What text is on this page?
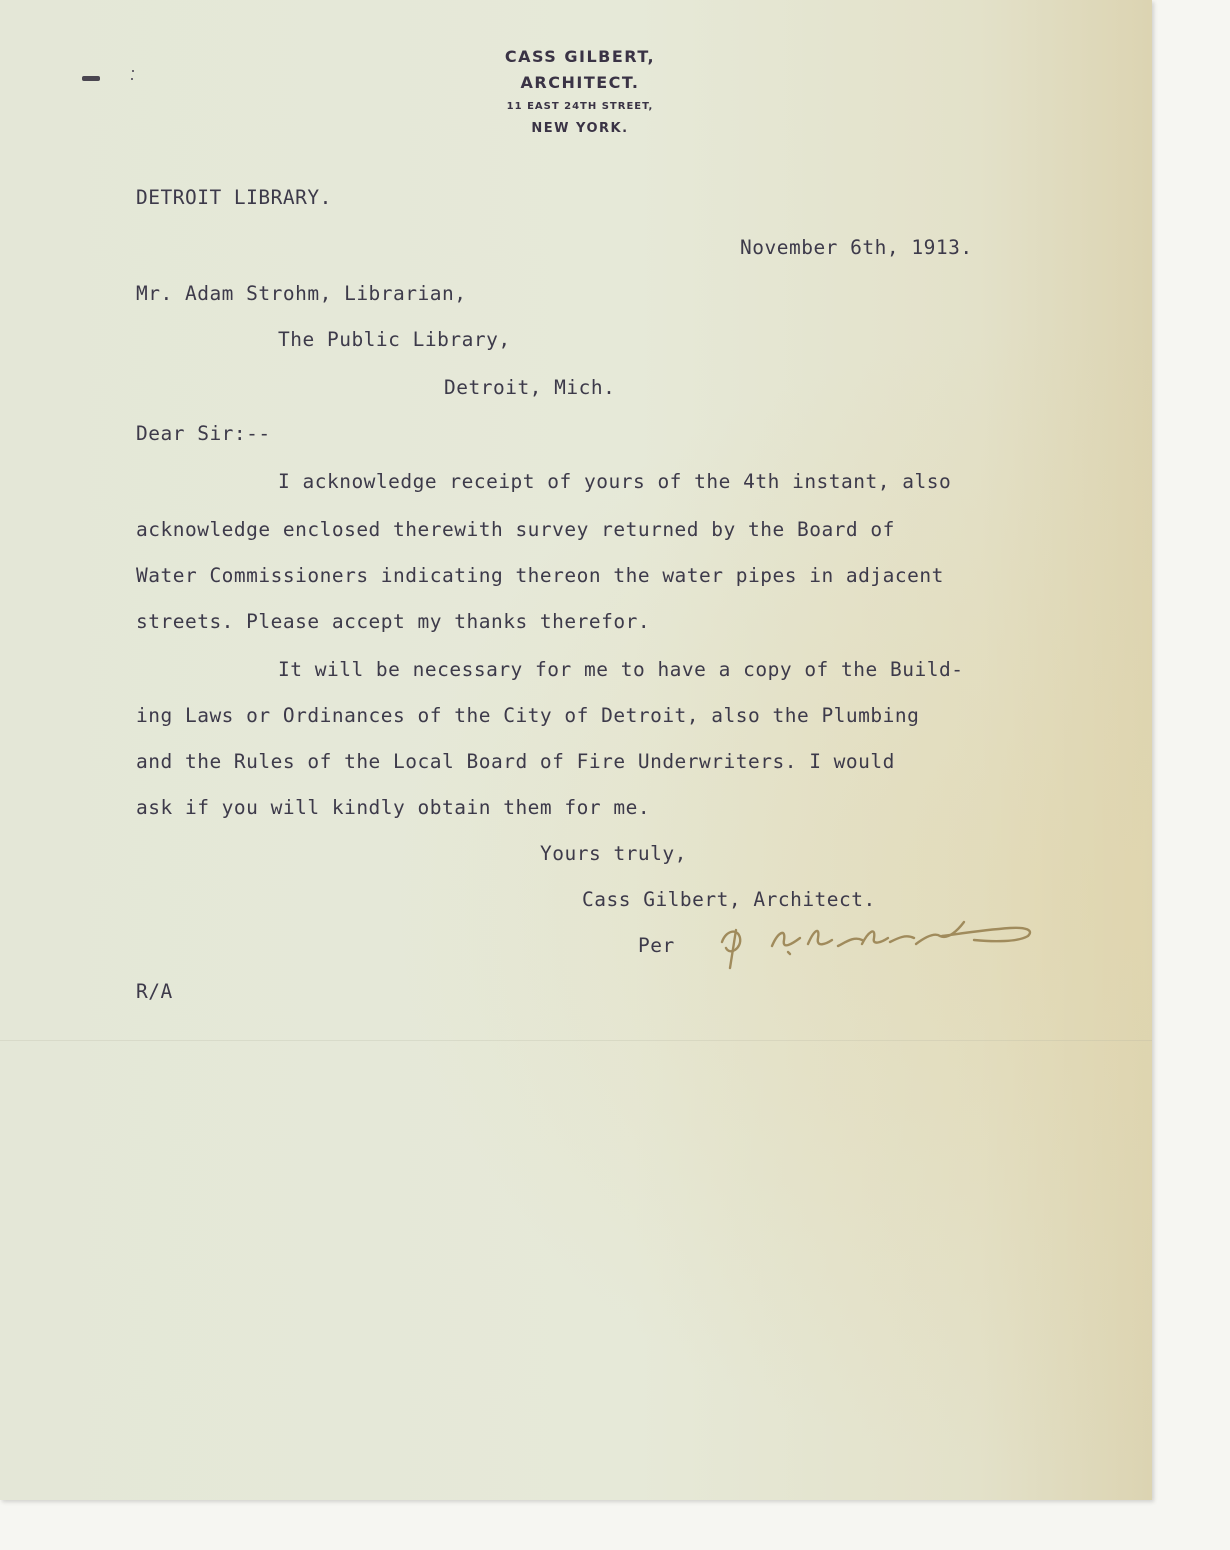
CASS GILBERT,
ARCHITECT.
11 EAST 24TH STREET,
NEW YORK.
DETROIT LIBRARY.
November 6th, 1913.
Mr. Adam Strohm, Librarian,
The Public Library,
Detroit, Mich.
Dear Sir:--
I acknowledge receipt of yours of the 4th instant, also
acknowledge enclosed therewith survey returned by the Board of
Water Commissioners indicating thereon the water pipes in adjacent
streets. Please accept my thanks therefor.
It will be necessary for me to have a copy of the Build-
ing Laws or Ordinances of the City of Detroit, also the Plumbing
and the Rules of the Local Board of Fire Underwriters. I would
ask if you will kindly obtain them for me.
Yours truly,
Cass Gilbert, Architect.
Per
R/A
